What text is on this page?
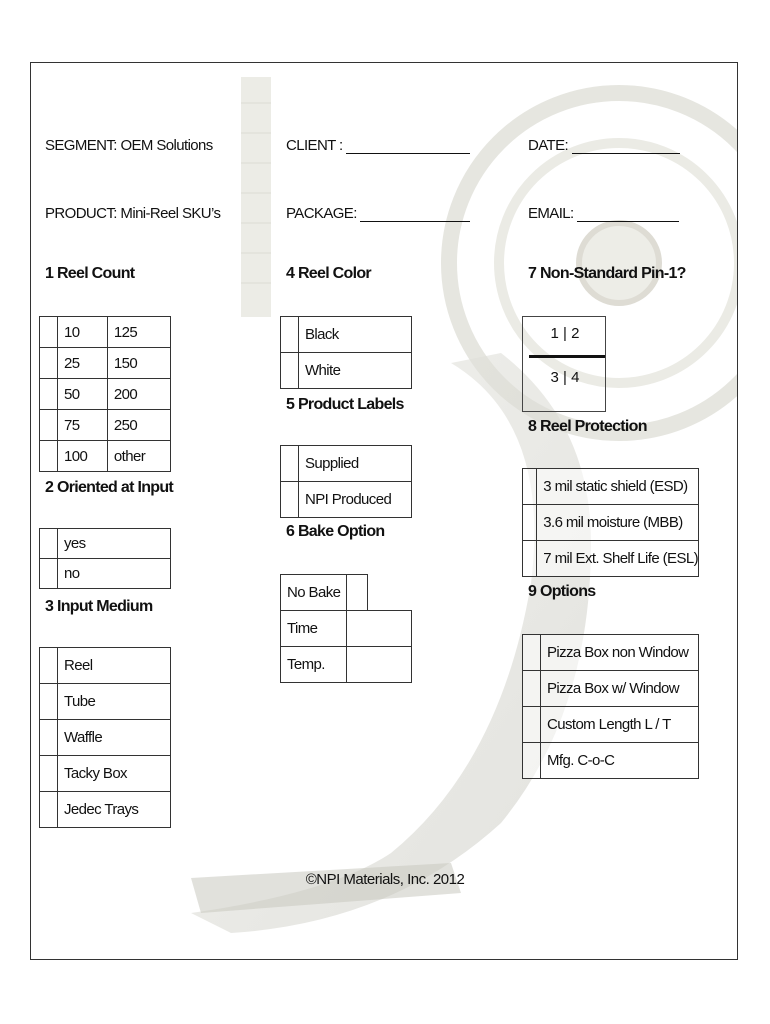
SEGMENT: OEM Solutions
PRODUCT: Mini-Reel SKU’s
CLIENT :
PACKAGE:
DATE:
EMAIL:
1 Reel Count
	10	125
	25	150
	50	200
	75	250
	100	other
2 Oriented at Input
	yes
	no
3 Input Medium
	Reel
	Tube
	Waffle
	Tacky Box
	Jedec Trays
4 Reel Color
	Black
	White
5 Product Labels
	Supplied
	NPI Produced
6 Bake Option
No Bake		
Time		
Temp.		
7 Non-Standard Pin-1?
1 | 2
3 | 4
8 Reel Protection
	3 mil static shield (ESD)
	3.6 mil moisture (MBB)
	7 mil Ext. Shelf Life (ESL)
9 Options
	Pizza Box non Window
	Pizza Box w/ Window
	Custom Length L / T
	Mfg. C-o-C
©NPI Materials, Inc. 2012
